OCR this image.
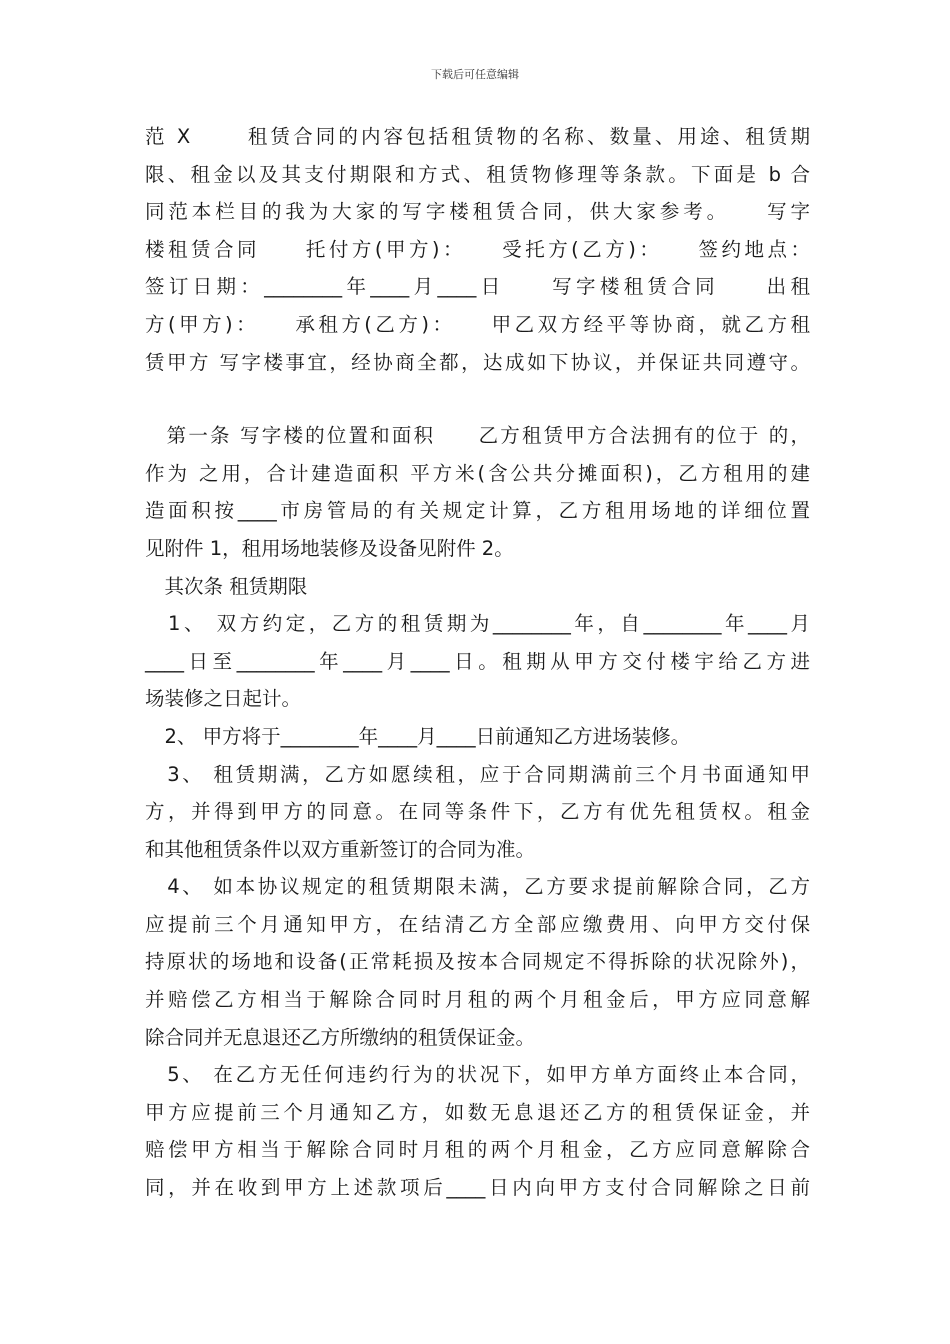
下载后可任意编辑
范 X　　 租赁合同的内容包括租赁物的名称、数量、用途、租赁期
限、租金以及其支付期限和方式、租赁物修理等条款。下面是 b 合
同范本栏目的我为大家的写字楼租赁合同，供大家参考。　　写字
楼租赁合同　　托付方(甲方)：　　受托方(乙方)：　　签约地点：
签订日期：________年____月____日　　写字楼租赁合同　　出租
方(甲方)：　　承租方(乙方)：　　甲乙双方经平等协商，就乙方租
赁甲方 写字楼事宜，经协商全都，达成如下协议，并保证共同遵守。
　第一条 写字楼的位置和面积　　乙方租赁甲方合法拥有的位于 的，
作为 之用，合计建造面积 平方米(含公共分摊面积)，乙方租用的建
造面积按____市房管局的有关规定计算，乙方租用场地的详细位置
见附件 1，租用场地装修及设备见附件 2。
　其次条 租赁期限
　1、 双方约定，乙方的租赁期为________年，自________年____月
____日至________年____月____日。租期从甲方交付楼宇给乙方进
场装修之日起计。
　2、 甲方将于________年____月____日前通知乙方进场装修。
　3、 租赁期满，乙方如愿续租，应于合同期满前三个月书面通知甲
方，并得到甲方的同意。在同等条件下，乙方有优先租赁权。租金
和其他租赁条件以双方重新签订的合同为准。
　4、 如本协议规定的租赁期限未满，乙方要求提前解除合同，乙方
应提前三个月通知甲方，在结清乙方全部应缴费用、向甲方交付保
持原状的场地和设备(正常耗损及按本合同规定不得拆除的状况除外)，
并赔偿乙方相当于解除合同时月租的两个月租金后，甲方应同意解
除合同并无息退还乙方所缴纳的租赁保证金。
　5、 在乙方无任何违约行为的状况下，如甲方单方面终止本合同，
甲方应提前三个月通知乙方，如数无息退还乙方的租赁保证金，并
赔偿甲方相当于解除合同时月租的两个月租金，乙方应同意解除合
同，并在收到甲方上述款项后____日内向甲方支付合同解除之日前
